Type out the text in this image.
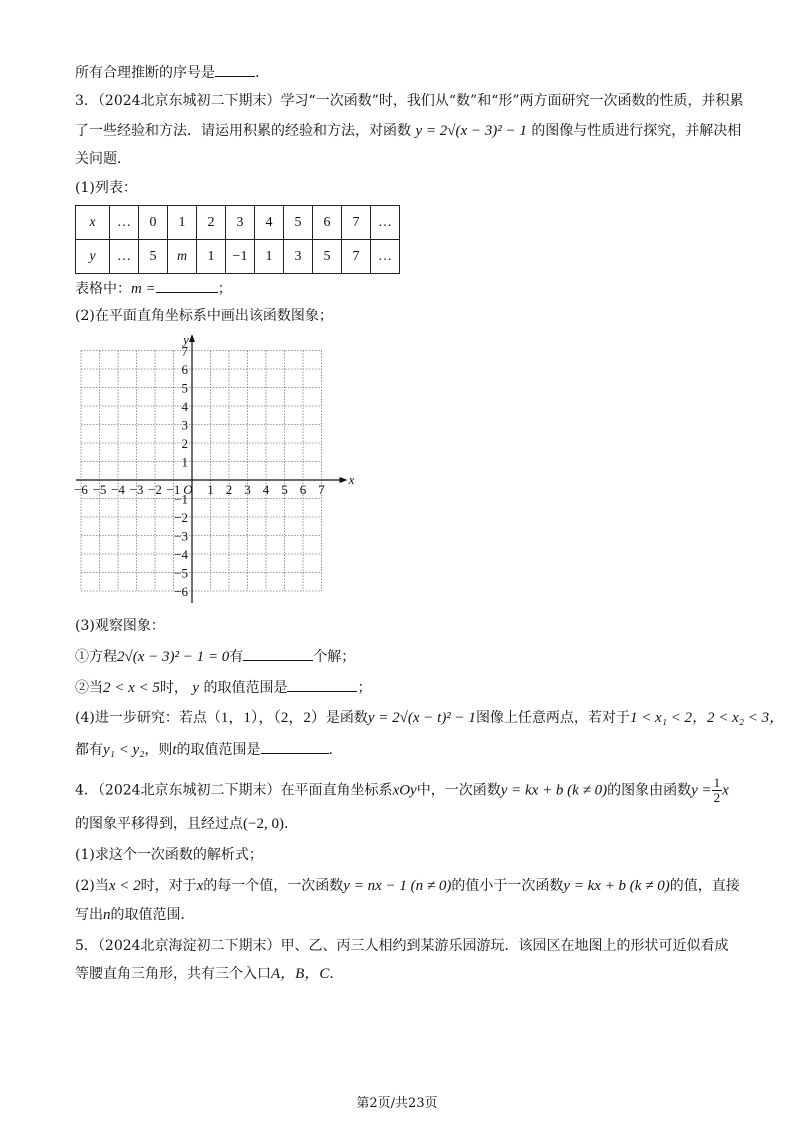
所有合理推断的序号是	.
3．（2024北京东城初二下期末）学习“一次函数”时，我们从“数”和“形”两方面研究一次函数的性质，并积累
了一些经验和方法．请运用积累的经验和方法，对函数 y = 2√(x − 3)² − 1 的图像与性质进行探究，并解决相
关问题．
(1)列表：
x	…	0	1	2	3	4	5	6	7	…
y	…	5	m	1	−1	1	3	5	7	…
表格中：m =	；
(2)在平面直角坐标系中画出该函数图象；
−6 −5 −4 −3 −2 −1 O 1 2 3 4 5 6 7
x
7
6
5
4
3
2
1
−1
−2
−3
−4
−5
−6
y
(3)观察图象：
①方程2√(x − 3)² − 1 = 0有	个解；
②当2 < x < 5时， y 的取值范围是	；
(4)进一步研究：若点（1，1），（2，2）是函数y = 2√(x − t)² − 1图像上任意两点，若对于1 < x₁ < 2，2 < x₂ < 3，
都有y₁ < y₂，则t的取值范围是	．
4．（2024北京东城初二下期末）在平面直角坐标系xOy中，一次函数y = kx + b (k ≠ 0)的图象由函数$y = \frac{1}{2}$ x
的图象平移得到，且经过点(−2, 0)．
(1)求这个一次函数的解析式；
(2)当x < 2时，对于x的每一个值，一次函数y = nx − 1 (n ≠ 0)的值小于一次函数y = kx + b (k ≠ 0)的值，直接
写出n的取值范围．
5．（2024北京海淀初二下期末）甲、乙、丙三人相约到某游乐园游玩．该园区在地图上的形状可近似看成
等腰直角三角形，共有三个入口A，B，C．
第2页/共23页
